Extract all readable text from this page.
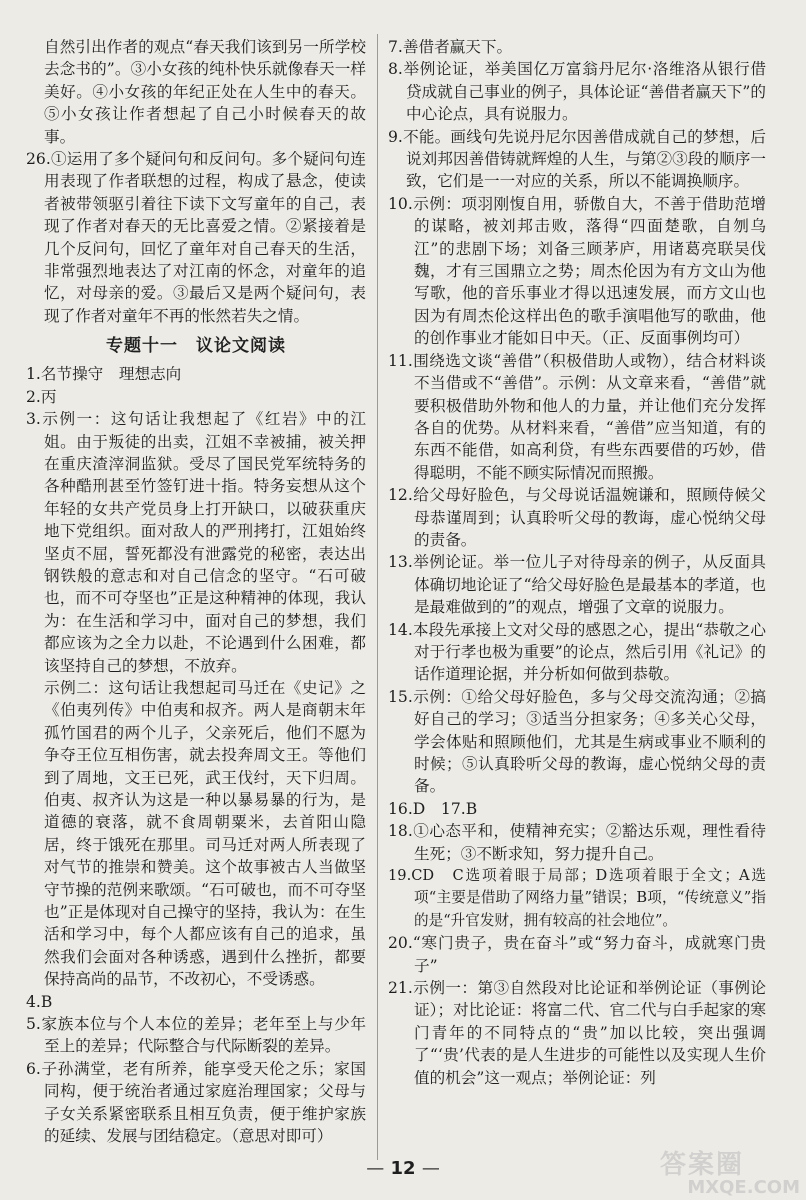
自然引出作者的观点“春天我们该到另一所学校去念书的”。③小女孩的纯朴快乐就像春天一样美好。④小女孩的年纪正处在人生中的春天。⑤小女孩让作者想起了自己小时候春天的故事。
26.①运用了多个疑问句和反问句。多个疑问句连用表现了作者联想的过程，构成了悬念，使读者被带领驱引着往下读下文写童年的自己，表现了作者对春天的无比喜爱之情。②紧接着是几个反问句，回忆了童年对自己春天的生活，非常强烈地表达了对江南的怀念，对童年的追忆，对母亲的爱。③最后又是两个疑问句，表现了作者对童年不再的怅然若失之情。
专题十一　议论文阅读
1.名节操守　理想志向
2.丙
3.示例一：这句话让我想起了《红岩》中的江姐。由于叛徒的出卖，江姐不幸被捕，被关押在重庆渣滓洞监狱。受尽了国民党军统特务的各种酷刑甚至竹签钉进十指。特务妄想从这个年轻的女共产党员身上打开缺口，以破获重庆地下党组织。面对敌人的严刑拷打，江姐始终坚贞不屈，誓死都没有泄露党的秘密，表达出钢铁般的意志和对自己信念的坚守。“石可破也，而不可夺坚也”正是这种精神的体现，我认为：在生活和学习中，面对自己的梦想，我们都应该为之全力以赴，不论遇到什么困难，都该坚持自己的梦想，不放弃。
示例二：这句话让我想起司马迁在《史记》之《伯夷列传》中伯夷和叔齐。两人是商朝末年孤竹国君的两个儿子，父亲死后，他们不愿为争夺王位互相伤害，就去投奔周文王。等他们到了周地，文王已死，武王伐纣，天下归周。伯夷、叔齐认为这是一种以暴易暴的行为，是道德的衰落，就不食周朝粟米，去首阳山隐居，终于饿死在那里。司马迁对两人所表现了对气节的推崇和赞美。这个故事被古人当做坚守节操的范例来歌颂。“石可破也，而不可夺坚也”正是体现对自己操守的坚持，我认为：在生活和学习中，每个人都应该有自己的追求，虽然我们会面对各种诱惑，遇到什么挫折，都要保持高尚的品节，不改初心，不受诱惑。
4.B
5.家族本位与个人本位的差异；老年至上与少年至上的差异；代际整合与代际断裂的差异。
6.子孙满堂，老有所养，能享受天伦之乐；家国同构，便于统治者通过家庭治理国家；父母与子女关系紧密联系且相互负责，便于维护家族的延续、发展与团结稳定。（意思对即可）
7.善借者赢天下。
8.举例论证，举美国亿万富翁丹尼尔·洛维洛从银行借贷成就自己事业的例子，具体论证“善借者赢天下”的中心论点，具有说服力。
9.不能。画线句先说丹尼尔因善借成就自己的梦想，后说刘邦因善借铸就辉煌的人生，与第②③段的顺序一致，它们是一一对应的关系，所以不能调换顺序。
10.示例：项羽刚愎自用，骄傲自大，不善于借助范增的谋略，被刘邦击败，落得“四面楚歌，自刎乌江”的悲剧下场；刘备三顾茅庐，用诸葛亮联吴伐魏，才有三国鼎立之势；周杰伦因为有方文山为他写歌，他的音乐事业才得以迅速发展，而方文山也因为有周杰伦这样出色的歌手演唱他写的歌曲，他的创作事业才能如日中天。（正、反面事例均可）
11.围绕选文谈“善借”（积极借助人或物），结合材料谈不当借或不“善借”。示例：从文章来看，“善借”就要积极借助外物和他人的力量，并让他们充分发挥各自的优势。从材料来看，“善借”应当知道，有的东西不能借，如高利贷，有些东西要借的巧妙，借得聪明，不能不顾实际情况而照搬。
12.给父母好脸色，与父母说话温婉谦和，照顾侍候父母恭谨周到；认真聆听父母的教诲，虚心悦纳父母的责备。
13.举例论证。举一位儿子对待母亲的例子，从反面具体确切地论证了“给父母好脸色是最基本的孝道，也是最难做到的”的观点，增强了文章的说服力。
14.本段先承接上文对父母的感恩之心，提出“恭敬之心对于行孝也极为重要”的论点，然后引用《礼记》的话作道理论据，并分析如何做到恭敬。
15.示例：①给父母好脸色，多与父母交流沟通；②搞好自己的学习；③适当分担家务；④多关心父母，学会体贴和照顾他们，尤其是生病或事业不顺利的时候；⑤认真聆听父母的教诲，虚心悦纳父母的责备。
16.D　17.B
18.①心态平和，使精神充实；②豁达乐观，理性看待生死；③不断求知，努力提升自己。
19.CD　C选项着眼于局部；D选项着眼于全文；A选项“主要是借助了网络力量”错误；B项，“传统意义”指的是“升官发财，拥有较高的社会地位”。
20.“寒门贵子，贵在奋斗”或“努力奋斗，成就寒门贵子”
21.示例一：第③自然段对比论证和举例论证（事例论证）；对比论证：将富二代、官二代与白手起家的寒门青年的不同特点的“贵”加以比较，突出强调了“‘贵’代表的是人生进步的可能性以及实现人生价值的机会”这一观点；举例论证：列
— 12 —	答案圈
MXQE.COM
